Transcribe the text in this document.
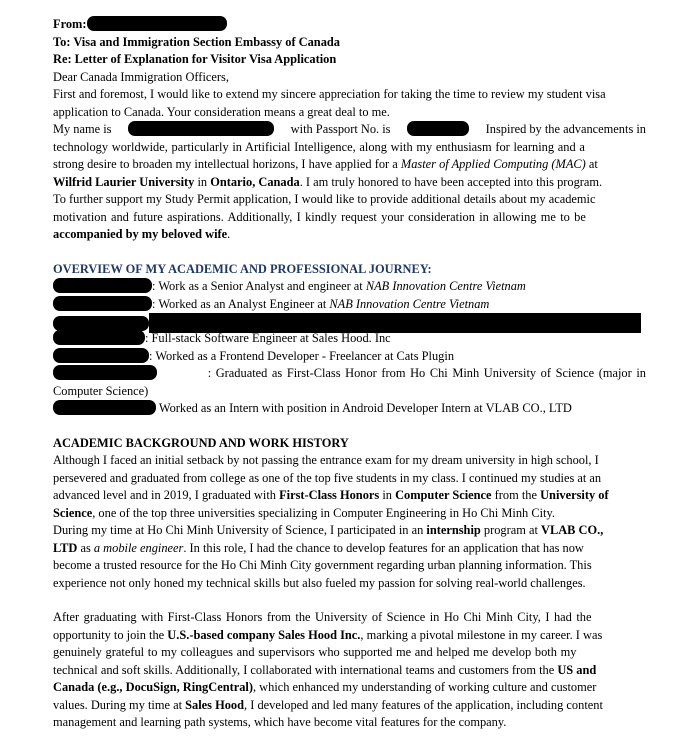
From:
To: Visa and Immigration Section Embassy of Canada
Re: Letter of Explanation for Visitor Visa Application
Dear Canada Immigration Officers,
First and foremost, I would like to extend my sincere appreciation for taking the time to review my student visa
application to Canada. Your consideration means a great deal to me.
My name is	with Passport No. is	Inspired by the advancements in
technology worldwide, particularly in Artificial Intelligence, along with my enthusiasm for learning and a
strong desire to broaden my intellectual horizons, I have applied for a Master of Applied Computing (MAC) at
Wilfrid Laurier University in Ontario, Canada. I am truly honored to have been accepted into this program.
To further support my Study Permit application, I would like to provide additional details about my academic
motivation and future aspirations. Additionally, I kindly request your consideration in allowing me to be
accompanied by my beloved wife.
OVERVIEW OF MY ACADEMIC AND PROFESSIONAL JOURNEY:
: Work as a Senior Analyst and engineer at NAB Innovation Centre Vietnam
: Worked as an Analyst Engineer at NAB Innovation Centre Vietnam
: Full-stack Software Engineer at Sales Hood. Inc
: Worked as a Frontend Developer - Freelancer at Cats Plugin
: Graduated as First-Class Honor from Ho Chi Minh University of Science (major in
Computer Science)
Worked as an Intern with position in Android Developer Intern at VLAB CO., LTD
ACADEMIC BACKGROUND AND WORK HISTORY
Although I faced an initial setback by not passing the entrance exam for my dream university in high school, I
persevered and graduated from college as one of the top five students in my class. I continued my studies at an
advanced level and in 2019, I graduated with First-Class Honors in Computer Science from the University of
Science, one of the top three universities specializing in Computer Engineering in Ho Chi Minh City.
During my time at Ho Chi Minh University of Science, I participated in an internship program at VLAB CO.,
LTD as a mobile engineer. In this role, I had the chance to develop features for an application that has now
become a trusted resource for the Ho Chi Minh City government regarding urban planning information. This
experience not only honed my technical skills but also fueled my passion for solving real-world challenges.
After graduating with First-Class Honors from the University of Science in Ho Chi Minh City, I had the
opportunity to join the U.S.-based company Sales Hood Inc., marking a pivotal milestone in my career. I was
genuinely grateful to my colleagues and supervisors who supported me and helped me develop both my
technical and soft skills. Additionally, I collaborated with international teams and customers from the US and
Canada (e.g., DocuSign, RingCentral), which enhanced my understanding of working culture and customer
values. During my time at Sales Hood, I developed and led many features of the application, including content
management and learning path systems, which have become vital features for the company.
